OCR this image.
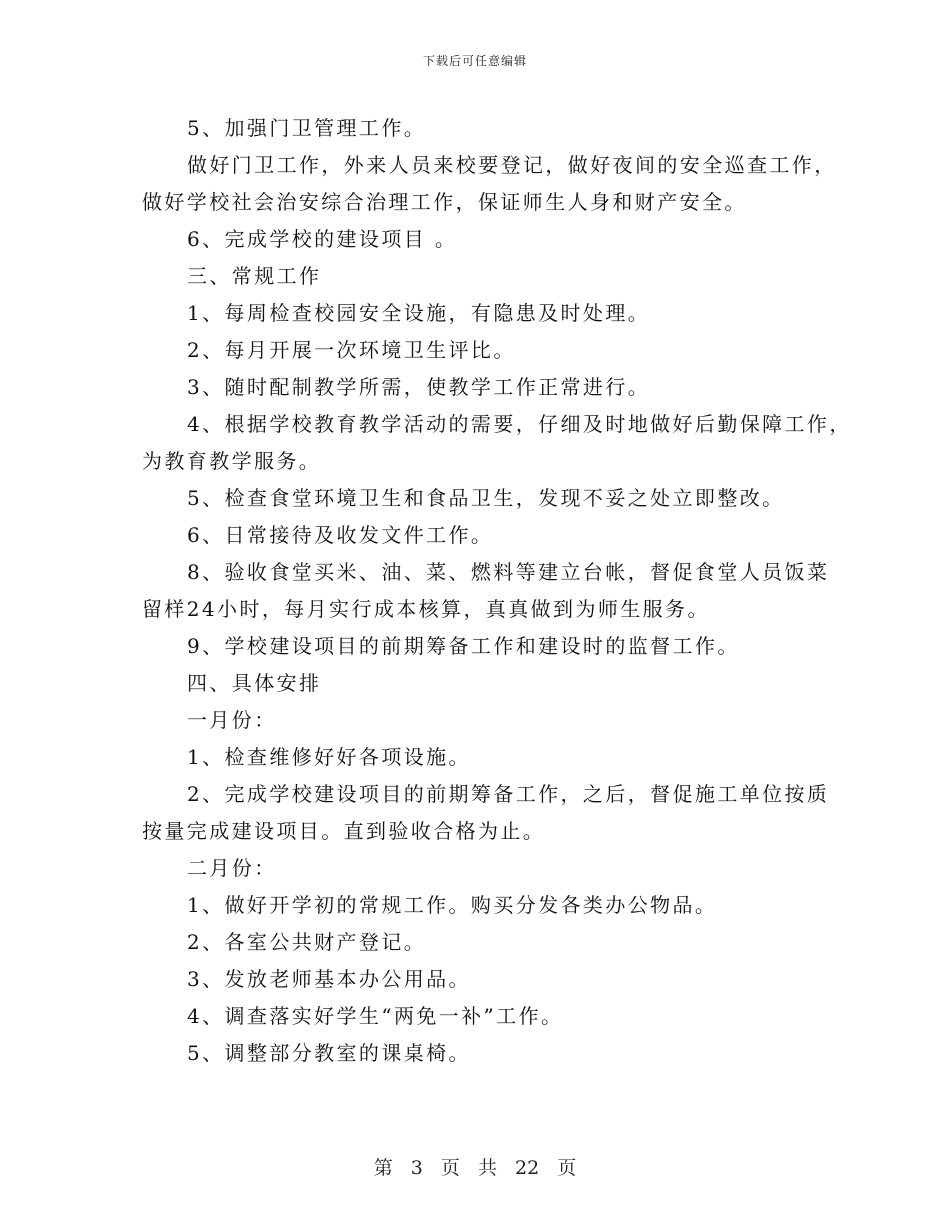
下载后可任意编辑

5、加强门卫管理工作。

做好门卫工作，外来人员来校要登记，做好夜间的安全巡查工作，

做好学校社会治安综合治理工作，保证师生人身和财产安全。

6、完成学校的建设项目 。

三、常规工作

1、每周检查校园安全设施，有隐患及时处理。

2、每月开展一次环境卫生评比。

3、随时配制教学所需，使教学工作正常进行。

4、根据学校教育教学活动的需要，仔细及时地做好后勤保障工作，

为教育教学服务。

5、检查食堂环境卫生和食品卫生，发现不妥之处立即整改。

6、日常接待及收发文件工作。

8、验收食堂买米、油、菜、燃料等建立台帐，督促食堂人员饭菜

留样24小时，每月实行成本核算，真真做到为师生服务。

9、学校建设项目的前期筹备工作和建设时的监督工作。

四、具体安排

一月份：

1、检查维修好好各项设施。

2、完成学校建设项目的前期筹备工作，之后，督促施工单位按质

按量完成建设项目。直到验收合格为止。

二月份：

1、做好开学初的常规工作。购买分发各类办公物品。

2、各室公共财产登记。

3、发放老师基本办公用品。

4、调查落实好学生“两免一补”工作。

5、调整部分教室的课桌椅。

第 3 页 共 22 页
